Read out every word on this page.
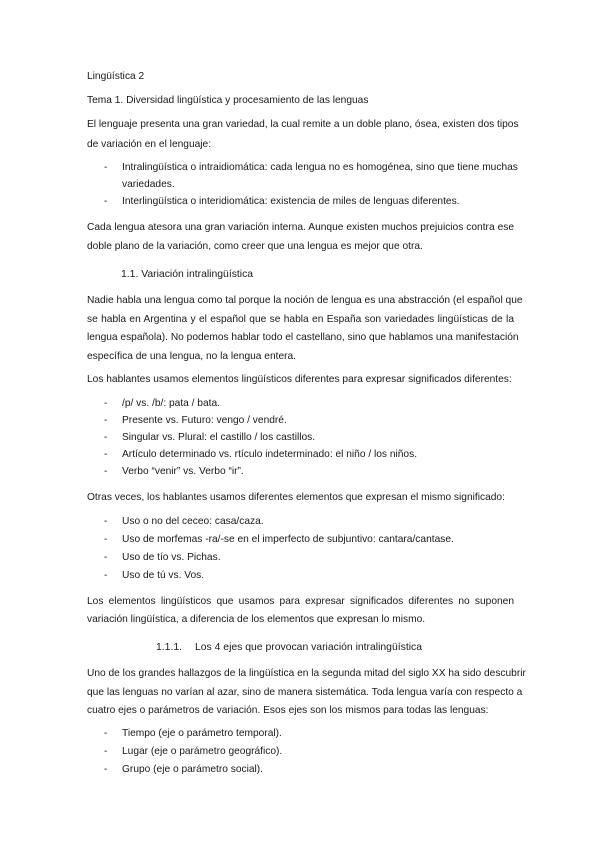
Lingüística 2
Tema 1. Diversidad lingüística y procesamiento de las lenguas
El lenguaje presenta una gran variedad, la cual remite a un doble plano, ósea, existen dos tipos
de variación en el lenguaje:
- Intralingüística o intraidiomática: cada lengua no es homogénea, sino que tiene muchas
variedades.
- Interlingüística o interidiomática: existencia de miles de lenguas diferentes.
Cada lengua atesora una gran variación interna. Aunque existen muchos prejuicios contra ese
doble plano de la variación, como creer que una lengua es mejor que otra.
1.1. Variación intralingüística
Nadie habla una lengua como tal porque la noción de lengua es una abstracción (el español que
se habla en Argentina y el español que se habla en España son variedades lingüísticas de la
lengua española). No podemos hablar todo el castellano, sino que hablamos una manifestación
específica de una lengua, no la lengua entera.
Los hablantes usamos elementos lingüísticos diferentes para expresar significados diferentes:
- /p/ vs. /b/: pata / bata.
- Presente vs. Futuro: vengo / vendré.
- Singular vs. Plural: el castillo / los castillos.
- Artículo determinado vs. rtículo indeterminado: el niño / los niños.
- Verbo “venir” vs. Verbo “ir”.
Otras veces, los hablantes usamos diferentes elementos que expresan el mismo significado:
- Uso o no del ceceo: casa/caza.
- Uso de morfemas -ra/-se en el imperfecto de subjuntivo: cantara/cantase.
- Uso de tío vs. Pichas.
- Uso de tú vs. Vos.
Los elementos lingüísticos que usamos para expresar significados diferentes no suponen
variación lingüística, a diferencia de los elementos que expresan lo mismo.
1.1.1. Los 4 ejes que provocan variación intralingüística
Uno de los grandes hallazgos de la lingüística en la segunda mitad del siglo XX ha sido descubrir
que las lenguas no varían al azar, sino de manera sistemática. Toda lengua varía con respecto a
cuatro ejes o parámetros de variación. Esos ejes son los mismos para todas las lenguas:
- Tiempo (eje o parámetro temporal).
- Lugar (eje o parámetro geográfico).
- Grupo (eje o parámetro social).
